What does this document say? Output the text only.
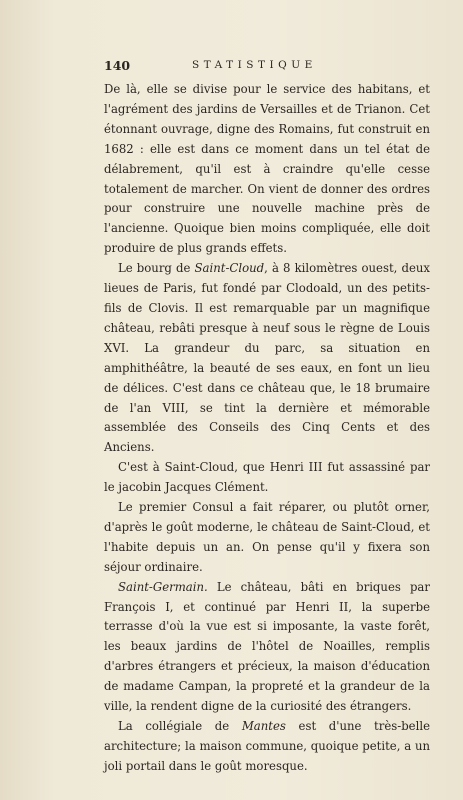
140	STATISTIQUE

De là, elle se divise pour le service des habitans, et l'agrément des jardins de Versailles et de Trianon. Cet étonnant ouvrage, digne des Romains, fut construit en 1682 : elle est dans ce moment dans un tel état de délabrement, qu'il est à craindre qu'elle cesse totalement de marcher. On vient de donner des ordres pour construire une nouvelle machine près de l'ancienne. Quoique bien moins compliquée, elle doit produire de plus grands effets.

Le bourg de Saint-Cloud, à 8 kilomètres ouest, deux lieues de Paris, fut fondé par Clodoald, un des petits-fils de Clovis. Il est remarquable par un magnifique château, rebâti presque à neuf sous le règne de Louis XVI. La grandeur du parc, sa situation en amphithéâtre, la beauté de ses eaux, en font un lieu de délices. C'est dans ce château que, le 18 brumaire de l'an VIII, se tint la dernière et mémorable assemblée des Conseils des Cinq Cents et des Anciens.

C'est à Saint-Cloud, que Henri III fut assassiné par le jacobin Jacques Clément.

Le premier Consul a fait réparer, ou plutôt orner, d'après le goût moderne, le château de Saint-Cloud, et l'habite depuis un an. On pense qu'il y fixera son séjour ordinaire.

Saint-Germain. Le château, bâti en briques par François I, et continué par Henri II, la superbe terrasse d'où la vue est si imposante, la vaste forêt, les beaux jardins de l'hôtel de Noailles, remplis d'arbres étrangers et précieux, la maison d'éducation de madame Campan, la propreté et la grandeur de la ville, la rendent digne de la curiosité des étrangers.

La collégiale de Mantes est d'une très-belle architecture; la maison commune, quoique petite, a un joli portail dans le goût moresque.
